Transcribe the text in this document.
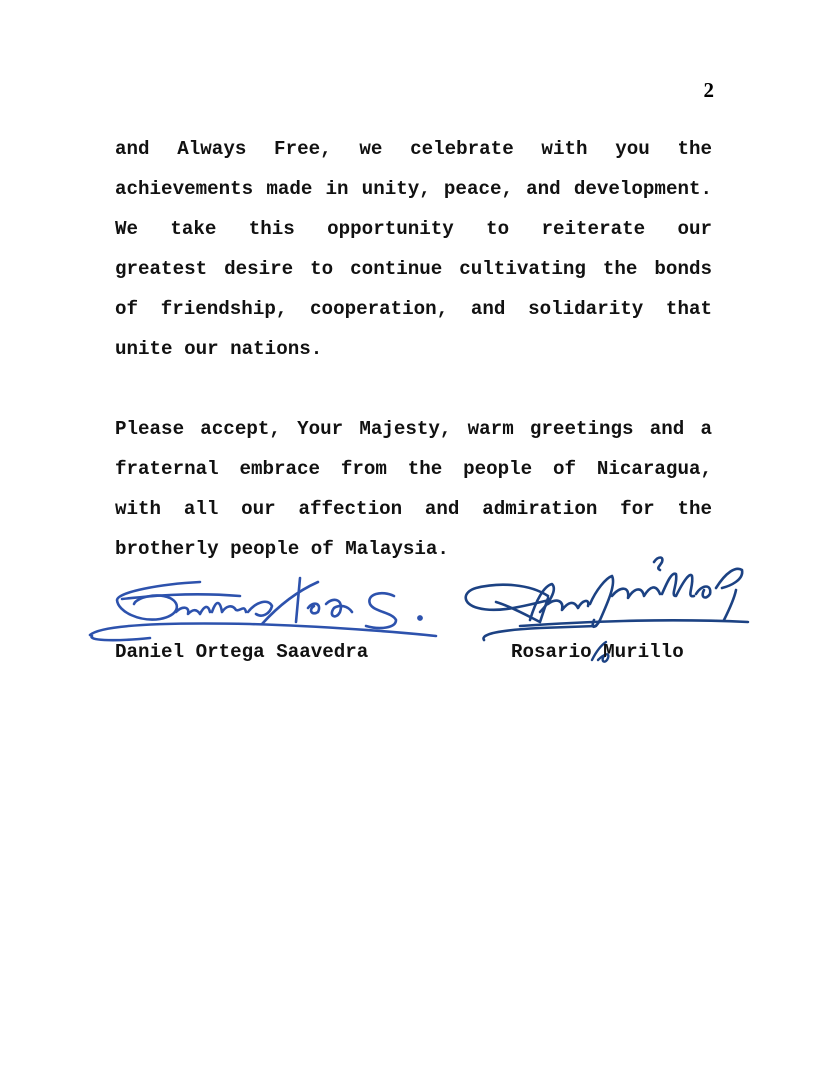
2
and Always Free, we celebrate with you the
achievements made in unity, peace, and development.
We take this opportunity to reiterate our
greatest desire to continue cultivating the bonds
of friendship, cooperation, and solidarity that
unite our nations.
Please accept, Your Majesty, warm greetings and a
fraternal embrace from the people of Nicaragua,
with all our affection and admiration for the
brotherly people of Malaysia.
Daniel Ortega Saavedra	Rosario Murillo
